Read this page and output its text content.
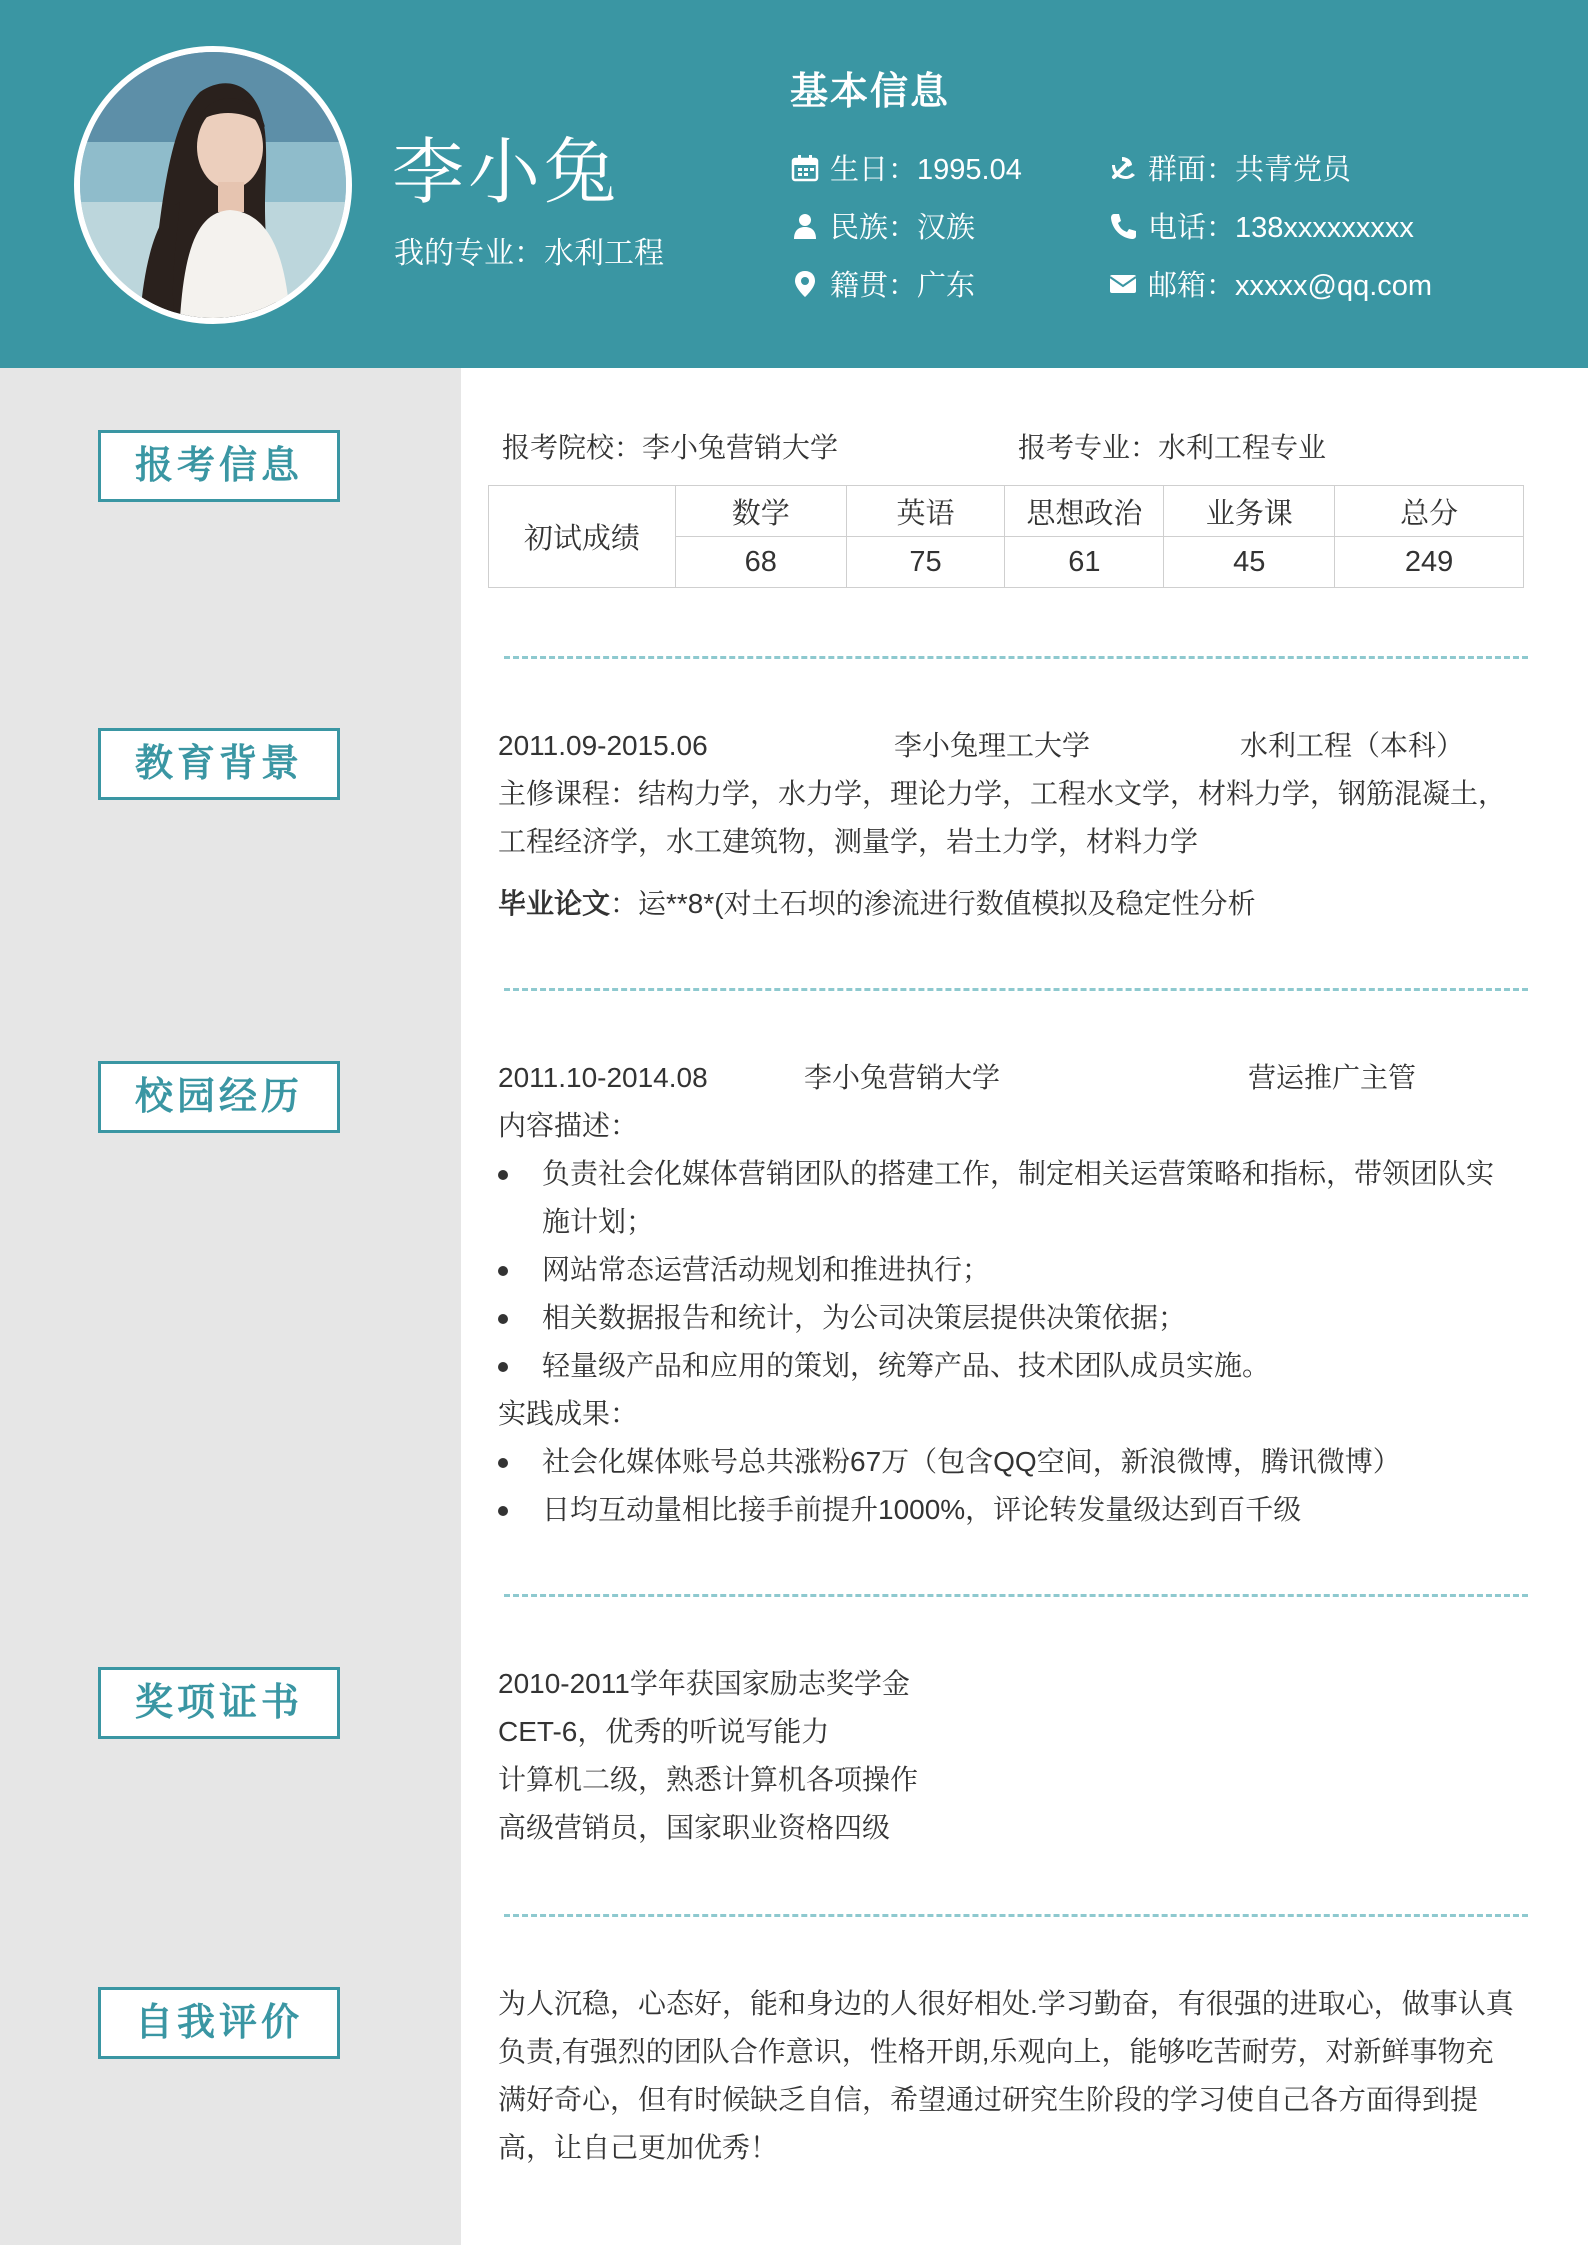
李小兔
我的专业：水利工程
基本信息
生日：1995.04	群面：共青党员
民族：汉族	电话：138xxxxxxxxx
籍贯：广东	邮箱：xxxxx@qq.com
报考信息	报考院校：李小兔营销大学	报考专业：水利工程专业
初试成绩	数学	英语	思想政治	业务课	总分
	68	75	61	45	249
教育背景	2011.09-2015.06	李小兔理工大学	水利工程（本科）
主修课程：结构力学，水力学，理论力学，工程水文学，材料力学，钢筋混凝土，
工程经济学，水工建筑物，测量学，岩土力学，材料力学
毕业论文：运**8*(对土石坝的渗流进行数值模拟及稳定性分析
校园经历	2011.10-2014.08	李小兔营销大学	营运推广主管
内容描述：
负责社会化媒体营销团队的搭建工作，制定相关运营策略和指标，带领团队实
施计划；
网站常态运营活动规划和推进执行；
相关数据报告和统计，为公司决策层提供决策依据；
轻量级产品和应用的策划，统筹产品、技术团队成员实施。
实践成果：
社会化媒体账号总共涨粉67万（包含QQ空间，新浪微博，腾讯微博）
日均互动量相比接手前提升1000%，评论转发量级达到百千级
奖项证书	2010-2011学年获国家励志奖学金
CET-6，优秀的听说写能力
计算机二级，熟悉计算机各项操作
高级营销员，国家职业资格四级
自我评价	为人沉稳，心态好，能和身边的人很好相处.学习勤奋，有很强的进取心，做事认真
负责,有强烈的团队合作意识，性格开朗,乐观向上，能够吃苦耐劳，对新鲜事物充
满好奇心，但有时候缺乏自信，希望通过研究生阶段的学习使自己各方面得到提
高，让自己更加优秀！
